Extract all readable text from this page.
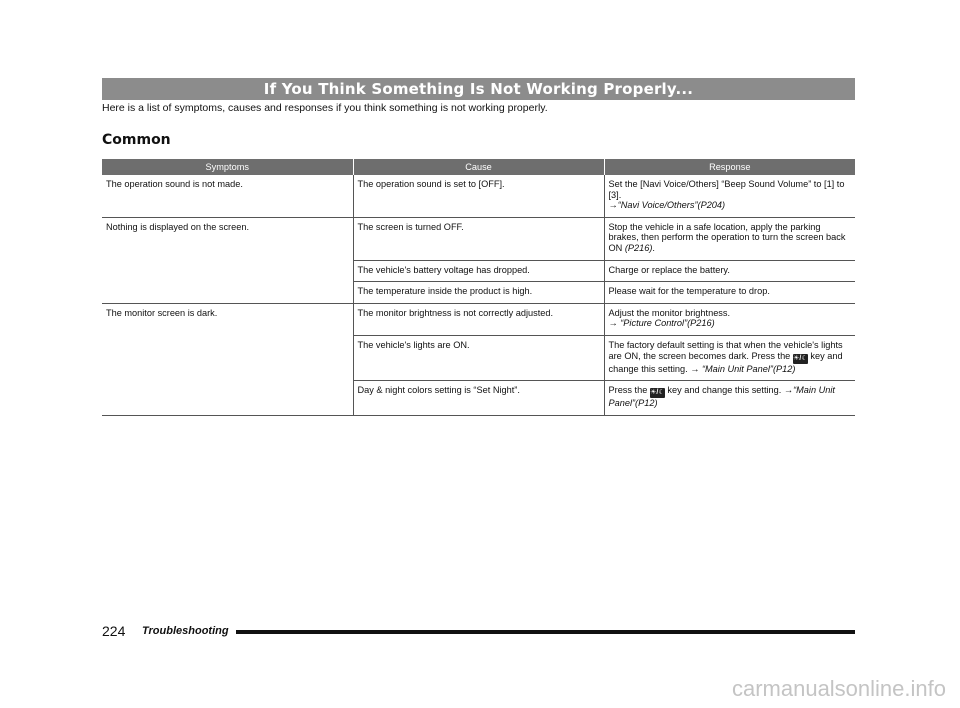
If You Think Something Is Not Working Properly...
Here is a list of symptoms, causes and responses if you think something is not working properly.
Common
Symptoms	Cause	Response
The operation sound is not made.	The operation sound is set to [OFF].	Set the [Navi Voice/Others] “Beep Sound Volume” to [1] to [3].
→“Navi Voice/Others”(P204)
Nothing is displayed on the screen.	The screen is turned OFF.	Stop the vehicle in a safe location, apply the parking brakes, then perform the operation to turn the screen back ON (P216).
	The vehicle's battery voltage has dropped.	Charge or replace the battery.
	The temperature inside the product is high.	Please wait for the temperature to drop.
The monitor screen is dark.	The monitor brightness is not correctly adjusted.	Adjust the monitor brightness.
→ “Picture Control”(P216)
	The vehicle's lights are ON.	The factory default setting is that when the vehicle's lights are ON, the screen becomes dark. Press the ☀/☾ key and change this setting. → “Main Unit Panel”(P12)
	Day & night colors setting is “Set Night”.	Press the ☀/☾ key and change this setting. →“Main Unit Panel”(P12)
224 Troubleshooting
carmanualsonline.info
